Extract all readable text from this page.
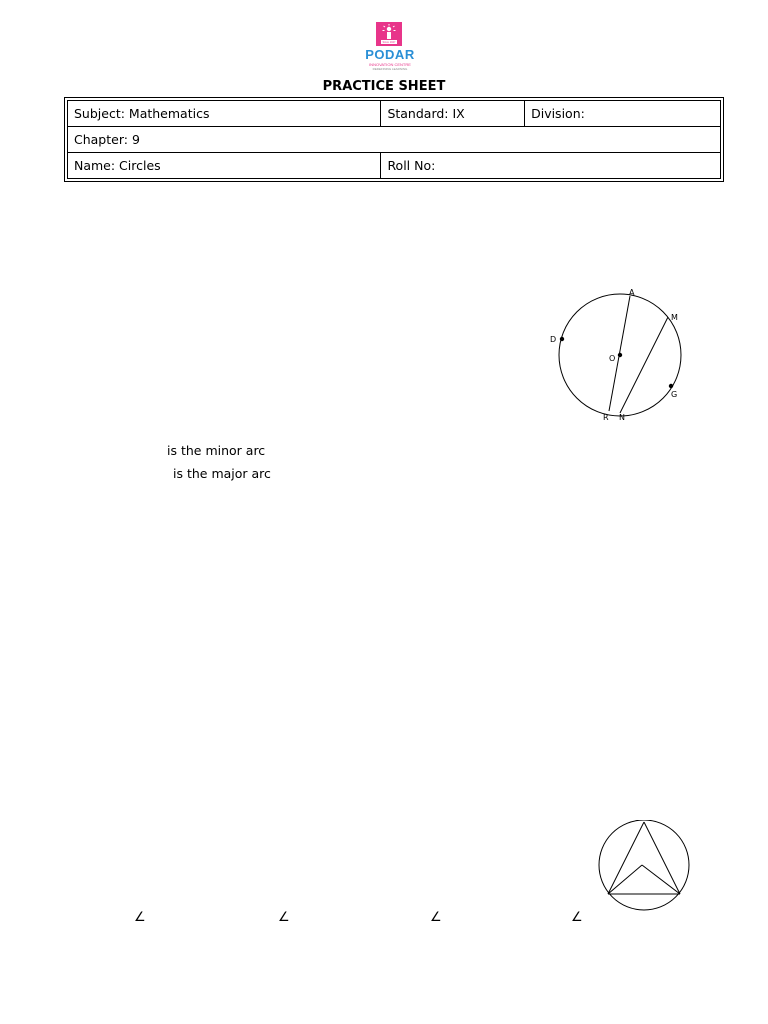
Since 1927
PODAR
INNOVATION CENTRE
REDEFINING LEARNING
PRACTICE SHEET
Subject: Mathematics	Standard: IX	Division:
Chapter: 9		
Name: Circles	Roll No:	
A
M
D
O
G
R N
is the minor arc
is the major arc
∠	∠	∠	∠
